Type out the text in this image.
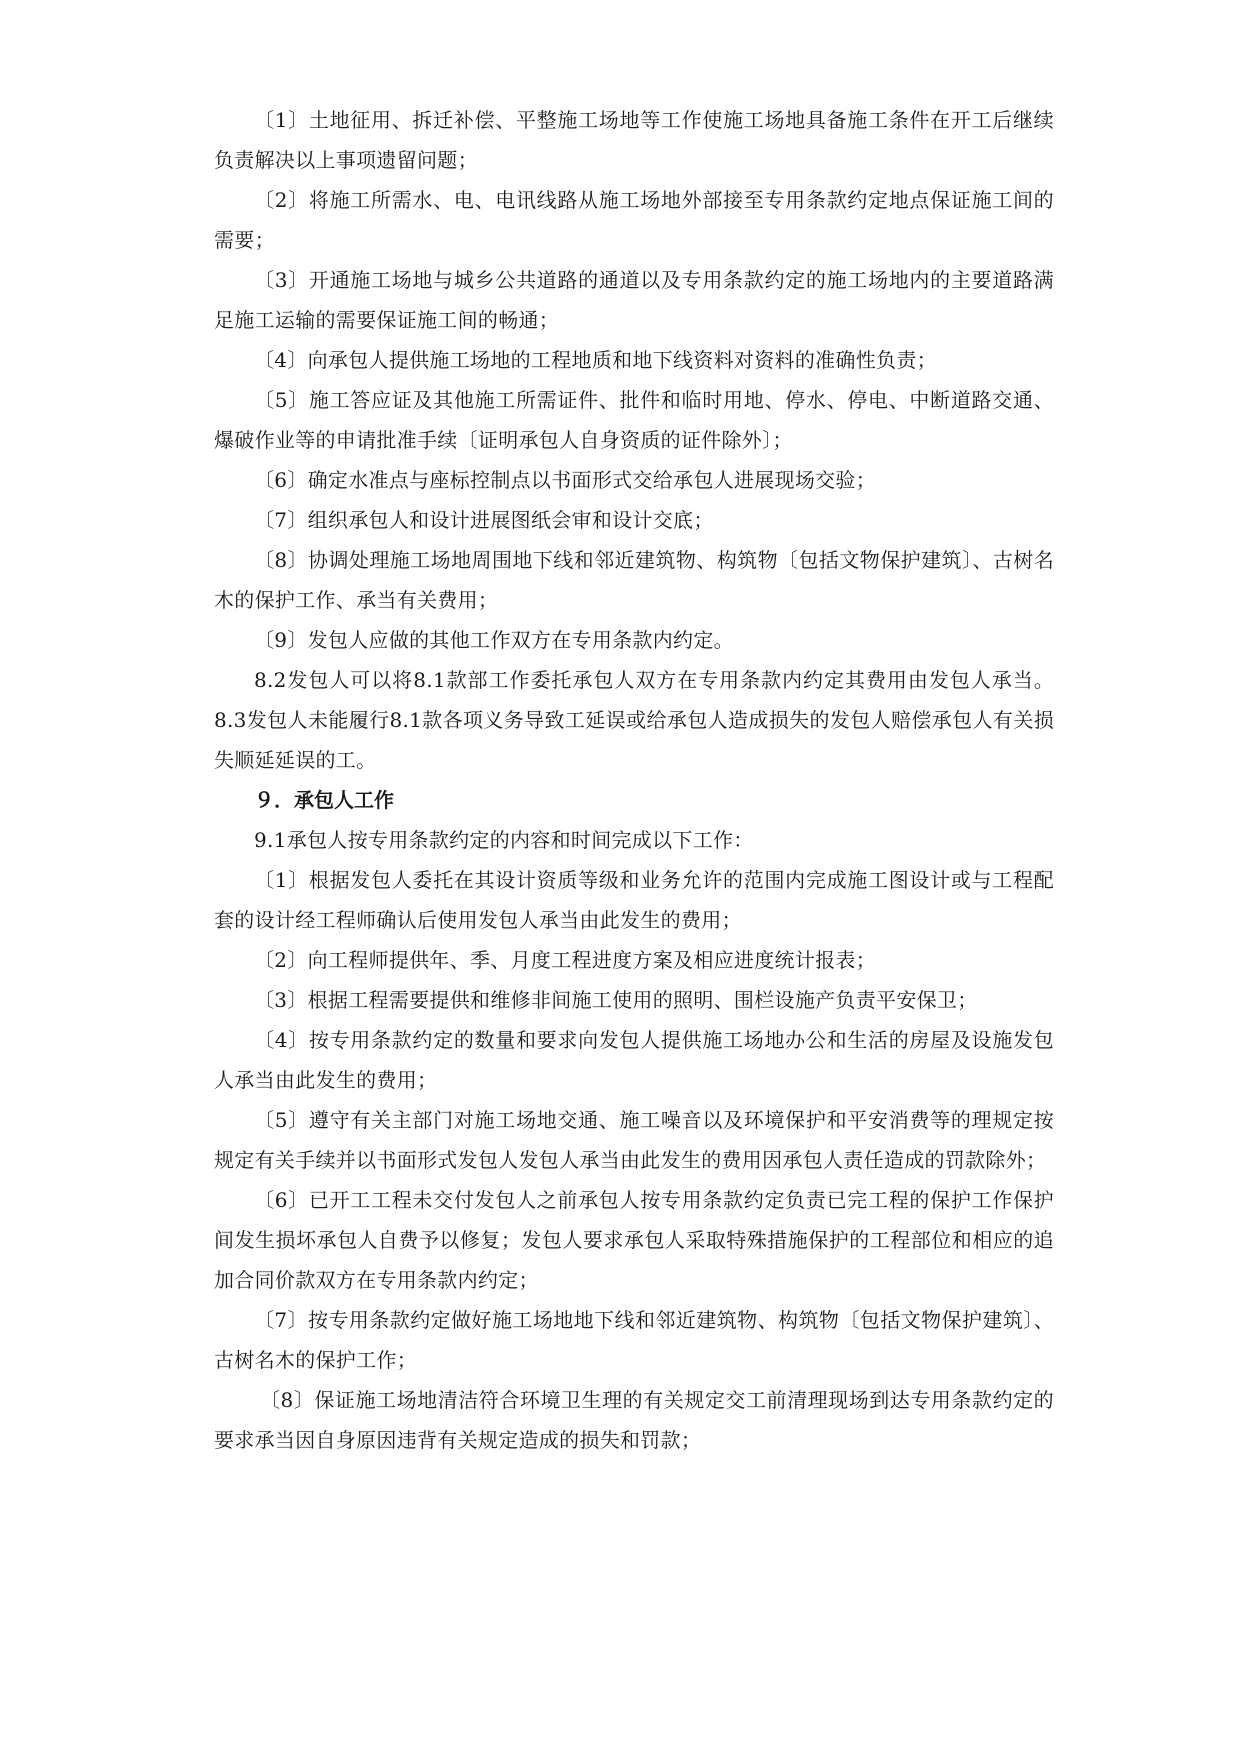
〔1〕土地征用、拆迁补偿、平整施工场地等工作使施工场地具备施工条件在开工后继续负责解决以上事项遗留问题；

〔2〕将施工所需水、电、电讯线路从施工场地外部接至专用条款约定地点保证施工间的需要；

〔3〕开通施工场地与城乡公共道路的通道以及专用条款约定的施工场地内的主要道路满足施工运输的需要保证施工间的畅通；

〔4〕向承包人提供施工场地的工程地质和地下线资料对资料的准确性负责；

〔5〕施工答应证及其他施工所需证件、批件和临时用地、停水、停电、中断道路交通、爆破作业等的申请批准手续〔证明承包人自身资质的证件除外〕；

〔6〕确定水准点与座标控制点以书面形式交给承包人进展现场交验；

〔7〕组织承包人和设计进展图纸会审和设计交底；

〔8〕协调处理施工场地周围地下线和邻近建筑物、构筑物〔包括文物保护建筑〕、古树名木的保护工作、承当有关费用；

〔9〕发包人应做的其他工作双方在专用条款内约定。

8.2发包人可以将8.1款部工作委托承包人双方在专用条款内约定其费用由发包人承当。 8.3发包人未能履行8.1款各项义务导致工延误或给承包人造成损失的发包人赔偿承包人有关损失顺延延误的工。

９．承包人工作

9.1承包人按专用条款约定的内容和时间完成以下工作：

〔1〕根据发包人委托在其设计资质等级和业务允许的范围内完成施工图设计或与工程配套的设计经工程师确认后使用发包人承当由此发生的费用；

〔2〕向工程师提供年、季、月度工程进度方案及相应进度统计报表；

〔3〕根据工程需要提供和维修非间施工使用的照明、围栏设施产负责平安保卫；

〔4〕按专用条款约定的数量和要求向发包人提供施工场地办公和生活的房屋及设施发包人承当由此发生的费用；

〔5〕遵守有关主部门对施工场地交通、施工噪音以及环境保护和平安消费等的理规定按规定有关手续并以书面形式发包人发包人承当由此发生的费用因承包人责任造成的罚款除外；

〔6〕已开工工程未交付发包人之前承包人按专用条款约定负责已完工程的保护工作保护间发生损坏承包人自费予以修复；发包人要求承包人采取特殊措施保护的工程部位和相应的追加合同价款双方在专用条款内约定；

〔7〕按专用条款约定做好施工场地地下线和邻近建筑物、构筑物〔包括文物保护建筑〕、古树名木的保护工作；

〔8〕保证施工场地清洁符合环境卫生理的有关规定交工前清理现场到达专用条款约定的要求承当因自身原因违背有关规定造成的损失和罚款；
